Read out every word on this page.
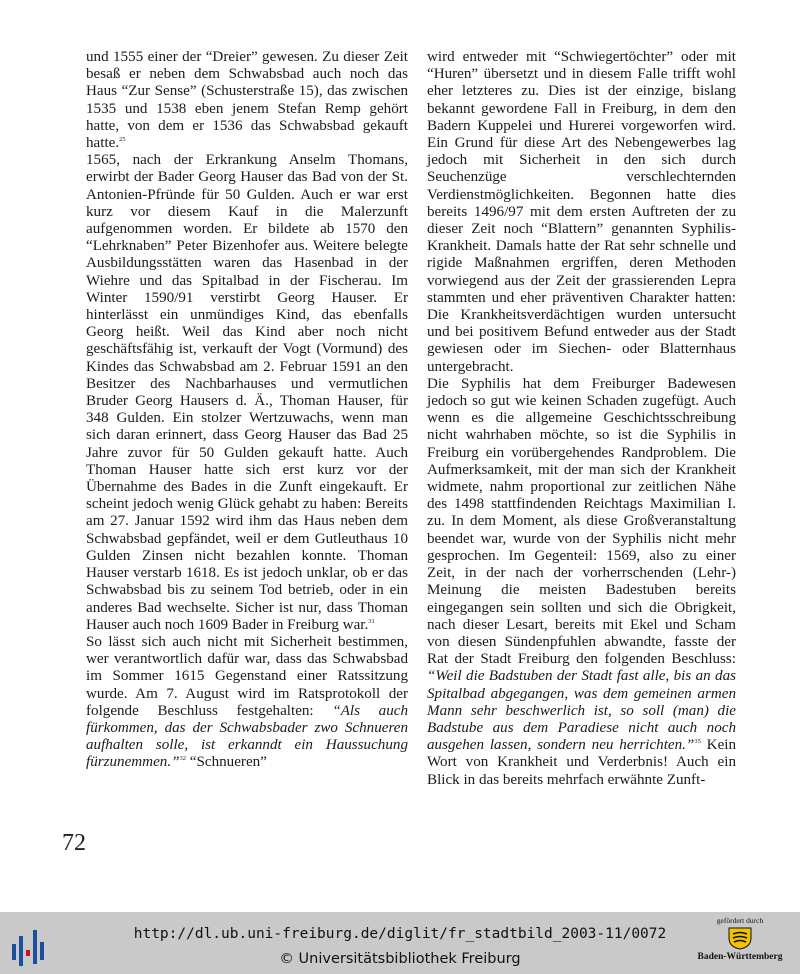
und 1555 einer der “Dreier” gewesen. Zu dieser Zeit besaß er neben dem Schwabsbad auch noch das Haus “Zur Sense” (Schusterstraße 15), das zwischen 1535 und 1538 eben jenem Stefan Remp gehört hatte, von dem er 1536 das Schwabsbad gekauft hatte.$^{25}$

1565, nach der Erkrankung Anselm Thomans, erwirbt der Bader Georg Hauser das Bad von der St. Antonien-Pfründe für 50 Gulden. Auch er war erst kurz vor diesem Kauf in die Malerzunft aufgenommen worden. Er bildete ab 1570 den “Lehrknaben” Peter Bizenhofer aus. Weitere belegte Ausbildungsstätten waren das Hasenbad in der Wiehre und das Spitalbad in der Fischerau. Im Winter 1590/91 verstirbt Georg Hauser. Er hinterlässt ein unmündiges Kind, das ebenfalls Georg heißt. Weil das Kind aber noch nicht geschäftsfähig ist, verkauft der Vogt (Vormund) des Kindes das Schwabsbad am 2. Februar 1591 an den Besitzer des Nachbarhauses und vermutlichen Bruder Georg Hausers d. Ä., Thoman Hauser, für 348 Gulden. Ein stolzer Wertzuwachs, wenn man sich daran erinnert, dass Georg Hauser das Bad 25 Jahre zuvor für 50 Gulden gekauft hatte. Auch Thoman Hauser hatte sich erst kurz vor der Übernahme des Bades in die Zunft eingekauft. Er scheint jedoch wenig Glück gehabt zu haben: Bereits am 27. Januar 1592 wird ihm das Haus neben dem Schwabsbad gepfändet, weil er dem Gutleuthaus 10 Gulden Zinsen nicht bezahlen konnte. Thoman Hauser verstarb 1618. Es ist jedoch unklar, ob er das Schwabsbad bis zu seinem Tod betrieb, oder in ein anderes Bad wechselte. Sicher ist nur, dass Thoman Hauser auch noch 1609 Bader in Freiburg war.$^{31}$

So lässt sich auch nicht mit Sicherheit bestimmen, wer verantwortlich dafür war, dass das Schwabsbad im Sommer 1615 Gegenstand einer Ratssitzung wurde. Am 7. August wird im Ratsprotokoll der folgende Beschluss festgehalten: “Als auch fürkommen, das der Schwabsbader zwo Schnueren aufhalten solle, ist erkanndt ein Haussuchung fürzunemmen.”$^{32}$ “Schnueren”

wird entweder mit “Schwiegertöchter” oder mit “Huren” übersetzt und in diesem Falle trifft wohl eher letzteres zu. Dies ist der einzige, bislang bekannt gewordene Fall in Freiburg, in dem den Badern Kuppelei und Hurerei vorgeworfen wird. Ein Grund für diese Art des Nebengewerbes lag jedoch mit Sicherheit in den sich durch Seuchenzüge verschlechternden Verdienstmöglichkeiten. Begonnen hatte dies bereits 1496/97 mit dem ersten Auftreten der zu dieser Zeit noch “Blattern” genannten Syphilis-Krankheit. Damals hatte der Rat sehr schnelle und rigide Maßnahmen ergriffen, deren Methoden vorwiegend aus der Zeit der grassierenden Lepra stammten und eher präventiven Charakter hatten: Die Krankheitsverdächtigen wurden untersucht und bei positivem Befund entweder aus der Stadt gewiesen oder im Siechen- oder Blatternhaus untergebracht.

Die Syphilis hat dem Freiburger Badewesen jedoch so gut wie keinen Schaden zugefügt. Auch wenn es die allgemeine Geschichtsschreibung nicht wahrhaben möchte, so ist die Syphilis in Freiburg ein vorübergehendes Randproblem. Die Aufmerksamkeit, mit der man sich der Krankheit widmete, nahm proportional zur zeitlichen Nähe des 1498 stattfindenden Reichtags Maximilian I. zu. In dem Moment, als diese Großveranstaltung beendet war, wurde von der Syphilis nicht mehr gesprochen. Im Gegenteil: 1569, also zu einer Zeit, in der nach der vorherrschenden (Lehr-) Meinung die meisten Badestuben bereits eingegangen sein sollten und sich die Obrigkeit, nach dieser Lesart, bereits mit Ekel und Scham von diesen Sündenpfuhlen abwandte, fasste der Rat der Stadt Freiburg den folgenden Beschluss: “Weil die Badstuben der Stadt fast alle, bis an das Spitalbad abgegangen, was dem gemeinen armen Mann sehr beschwerlich ist, so soll (man) die Badstube aus dem Paradiese nicht auch noch ausgehen lassen, sondern neu herrichten.”$^{35}$ Kein Wort von Krankheit und Verderbnis! Auch ein Blick in das bereits mehrfach erwähnte Zunft-

72
http://dl.ub.uni-freiburg.de/diglit/fr_stadtbild_2003-11/0072
© Universitätsbibliothek Freiburg
gefördert durch
Baden-Württemberg
